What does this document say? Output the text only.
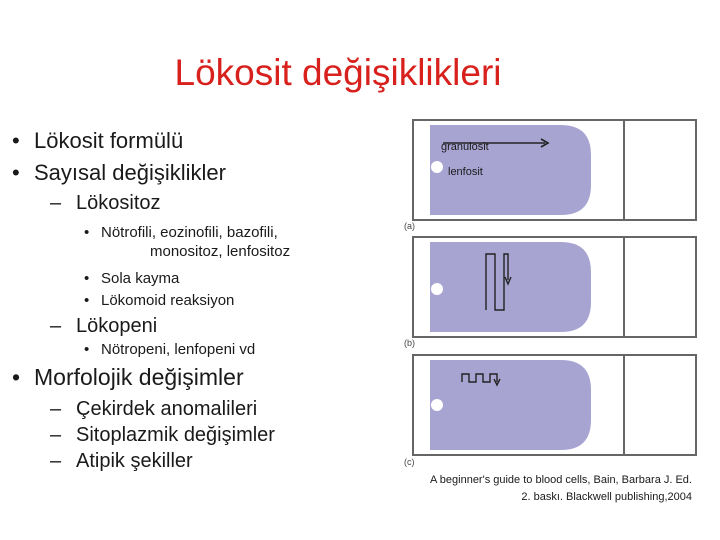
Lökosit değişiklikleri
• Lökosit formülü
• Sayısal değişiklikler
– Lökositoz
• Nötrofili, eozinofili, bazofili,
monositoz, lenfositoz
• Sola kayma
• Lökomoid reaksiyon
– Lökopeni
• Nötropeni, lenfopeni vd
• Morfolojik değişimler
– Çekirdek anomalileri
– Sitoplazmik değişimler
– Atipik şekiller
granülosit
lenfosit
(a)
(b)
(c)
A beginner's guide to blood cells, Bain, Barbara J. Ed.
2. baskı. Blackwell publishing,2004
